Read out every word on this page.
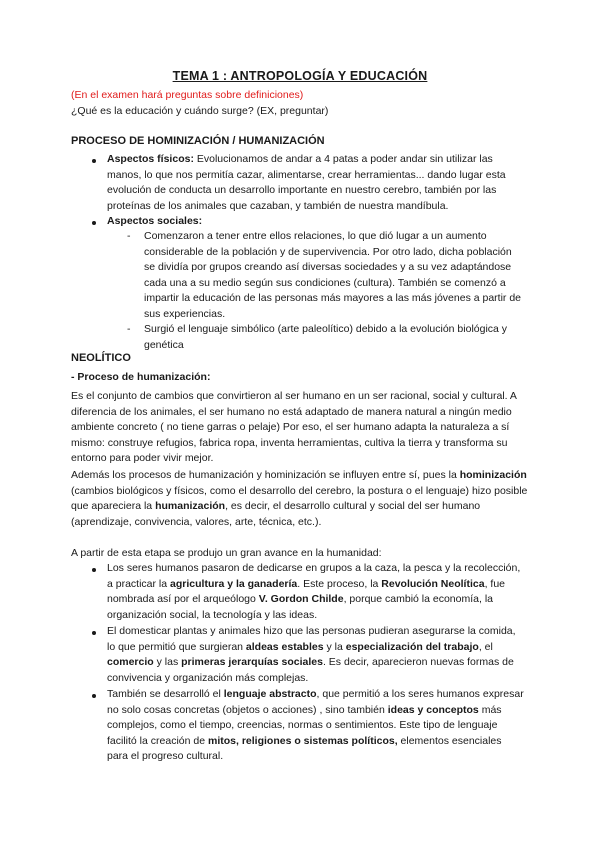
TEMA 1 : ANTROPOLOGÍA Y EDUCACIÓN
(En el examen hará preguntas sobre definiciones)
¿Qué es la educación y cuándo surge? (EX, preguntar)
PROCESO DE HOMINIZACIÓN / HUMANIZACIÓN

Aspectos físicos: Evolucionamos de andar a 4 patas a poder andar sin utilizar las manos, lo que nos permitía cazar, alimentarse, crear herramientas... dando lugar esta evolución de conducta un desarrollo importante en nuestro cerebro, también por las proteínas de los animales que cazaban, y también de nuestra mandíbula.

Aspectos sociales:

- Comenzaron a tener entre ellos relaciones, lo que dió lugar a un aumento considerable de la población y de supervivencia. Por otro lado, dicha población se dividía por grupos creando así diversas sociedades y a su vez adaptándose cada una a su medio según sus condiciones (cultura). También se comenzó a impartir la educación de las personas más mayores a las más jóvenes a partir de sus experiencias.

- Surgió el lenguaje simbólico (arte paleolítico) debido a la evolución biológica y genética

NEOLÍTICO
- Proceso de humanización:

Es el conjunto de cambios que convirtieron al ser humano en un ser racional, social y cultural. A diferencia de los animales, el ser humano no está adaptado de manera natural a ningún medio ambiente concreto ( no tiene garras o pelaje) Por eso, el ser humano adapta la naturaleza a sí mismo: construye refugios, fabrica ropa, inventa herramientas, cultiva la tierra y transforma su entorno para poder vivir mejor.

Además los procesos de humanización y hominización se influyen entre sí, pues la hominización (cambios biológicos y físicos, como el desarrollo del cerebro, la postura o el lenguaje) hizo posible que apareciera la humanización, es decir, el desarrollo cultural y social del ser humano (aprendizaje, convivencia, valores, arte, técnica, etc.).

A partir de esta etapa se produjo un gran avance en la humanidad:

Los seres humanos pasaron de dedicarse en grupos a la caza, la pesca y la recolección, a practicar la agricultura y la ganadería. Este proceso, la Revolución Neolítica, fue nombrada así por el arqueólogo V. Gordon Childe, porque cambió la economía, la organización social, la tecnología y las ideas.

El domesticar plantas y animales hizo que las personas pudieran asegurarse la comida, lo que permitió que surgieran aldeas estables y la especialización del trabajo, el comercio y las primeras jerarquías sociales. Es decir, aparecieron nuevas formas de convivencia y organización más complejas.

También se desarrolló el lenguaje abstracto, que permitió a los seres humanos expresar no solo cosas concretas (objetos o acciones) , sino también ideas y conceptos más complejos, como el tiempo, creencias, normas o sentimientos. Este tipo de lenguaje facilitó la creación de mitos, religiones o sistemas políticos, elementos esenciales para el progreso cultural.
